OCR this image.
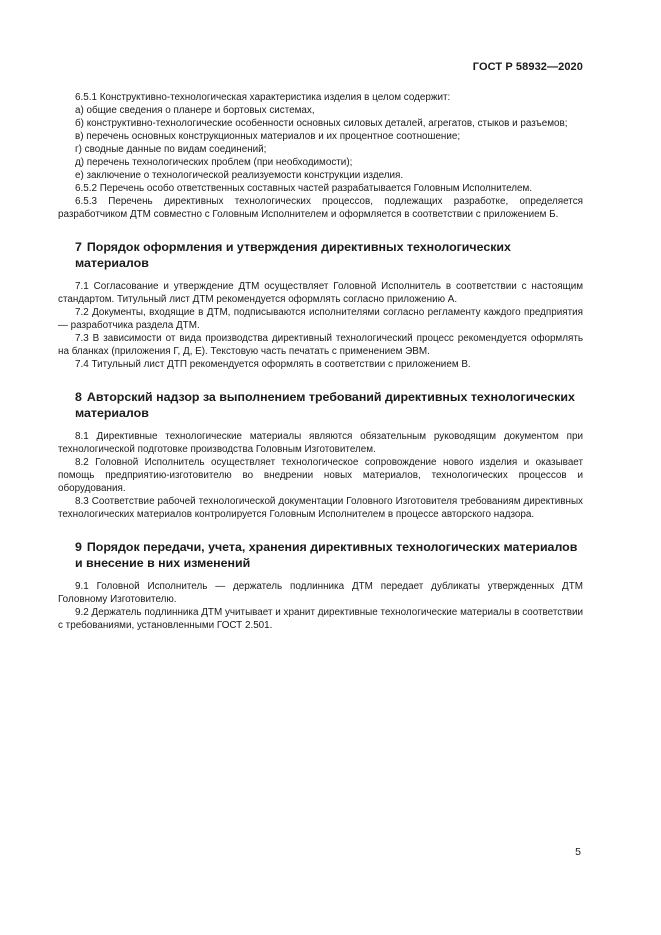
ГОСТ Р 58932—2020

6.5.1 Конструктивно-технологическая характеристика изделия в целом содержит:

а) общие сведения о планере и бортовых системах,

б) конструктивно-технологические особенности основных силовых деталей, агрегатов, стыков и разъемов;

в) перечень основных конструкционных материалов и их процентное соотношение;

г) сводные данные по видам соединений;

д) перечень технологических проблем (при необходимости);

е) заключение о технологической реализуемости конструкции изделия.

6.5.2 Перечень особо ответственных составных частей разрабатывается Головным Исполнителем.

6.5.3 Перечень директивных технологических процессов, подлежащих разработке, определяется разработчиком ДТМ совместно с Головным Исполнителем и оформляется в соответствии с приложением Б.

7 Порядок оформления и утверждения директивных технологических материалов

7.1 Согласование и утверждение ДТМ осуществляет Головной Исполнитель в соответствии с настоящим стандартом. Титульный лист ДТМ рекомендуется оформлять согласно приложению А.

7.2 Документы, входящие в ДТМ, подписываются исполнителями согласно регламенту каждого предприятия — разработчика раздела ДТМ.

7.3 В зависимости от вида производства директивный технологический процесс рекомендуется оформлять на бланках (приложения Г, Д, Е). Текстовую часть печатать с применением ЭВМ.

7.4 Титульный лист ДТП рекомендуется оформлять в соответствии с приложением В.

8 Авторский надзор за выполнением требований директивных технологических материалов

8.1 Директивные технологические материалы являются обязательным руководящим документом при технологической подготовке производства Головным Изготовителем.

8.2 Головной Исполнитель осуществляет технологическое сопровождение нового изделия и оказывает помощь предприятию-изготовителю во внедрении новых материалов, технологических процессов и оборудования.

8.3 Соответствие рабочей технологической документации Головного Изготовителя требованиям директивных технологических материалов контролируется Головным Исполнителем в процессе авторского надзора.

9 Порядок передачи, учета, хранения директивных технологических материалов и внесение в них изменений

9.1 Головной Исполнитель — держатель подлинника ДТМ передает дубликаты утвержденных ДТМ Головному Изготовителю.

9.2 Держатель подлинника ДТМ учитывает и хранит директивные технологические материалы в соответствии с требованиями, установленными ГОСТ 2.501.

5
